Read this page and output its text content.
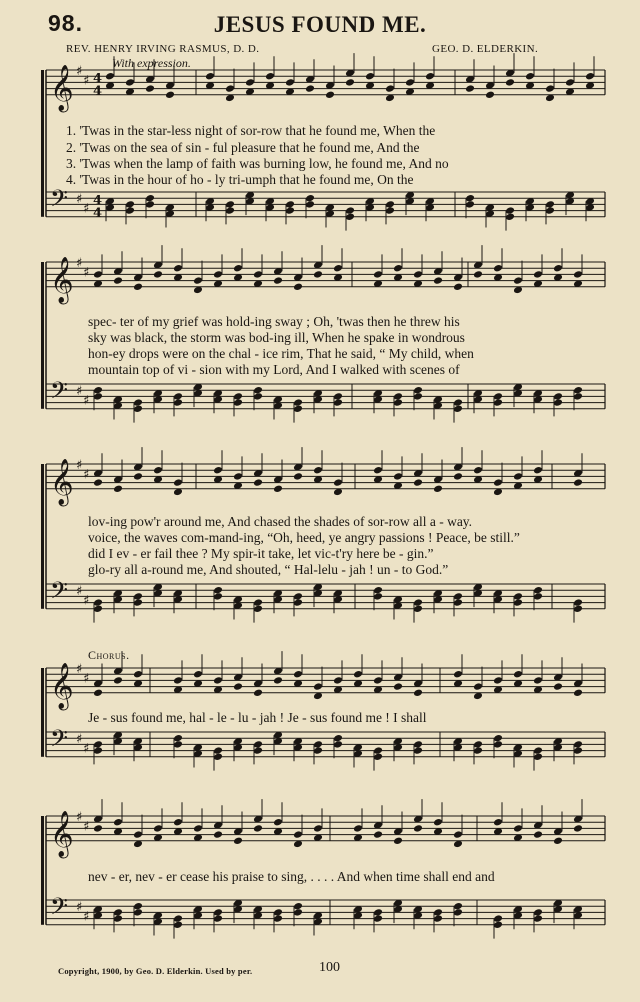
98.	JESUS FOUND ME.
REV. HENRY IRVING RASMUS, D. D.	GEO. D. ELDERKIN.
With expression.
𝄞
𝄢
♯
♯
♯
♯
4
4
4
4
𝄞
𝄢
♯
♯
♯
♯
𝄞
𝄢
♯
♯
♯
♯
𝄞
𝄢
♯
♯
♯
♯
𝄞
𝄢
♯
♯
♯
♯
1. 'Twas in the star-less night of sor-row that he found me, When the
2. 'Twas on the sea of sin - ful pleasure that he found me, And the
3. 'Twas when the lamp of faith was burning low, he found me, And no
4. 'Twas in the hour of ho - ly tri-umph that he found me, On the
spec- ter of my grief was hold-ing sway ; Oh, 'twas then he threw his
sky was black, the storm was bod-ing ill, When he spake in wondrous
hon-ey drops were on the chal - ice rim, That he said, “ My child, when
mountain top of vi - sion with my Lord, And I walked with scenes of
lov-ing pow'r around me, And chased the shades of sor-row all a - way.
voice, the waves com-mand-ing, “Oh, heed, ye angry passions ! Peace, be still.”
did I ev - er fail thee ? My spir-it take, let vic-t'ry here be - gin.”
glo-ry all a-round me, And shouted, “ Hal-lelu - jah ! un - to God.”
Chorus.
Je - sus found me, hal - le - lu - jah ! Je - sus found me ! I shall
nev - er, nev - er cease his praise to sing, . . . . And when time shall end and
Copyright, 1900, by Geo. D. Elderkin. Used by per.	100
